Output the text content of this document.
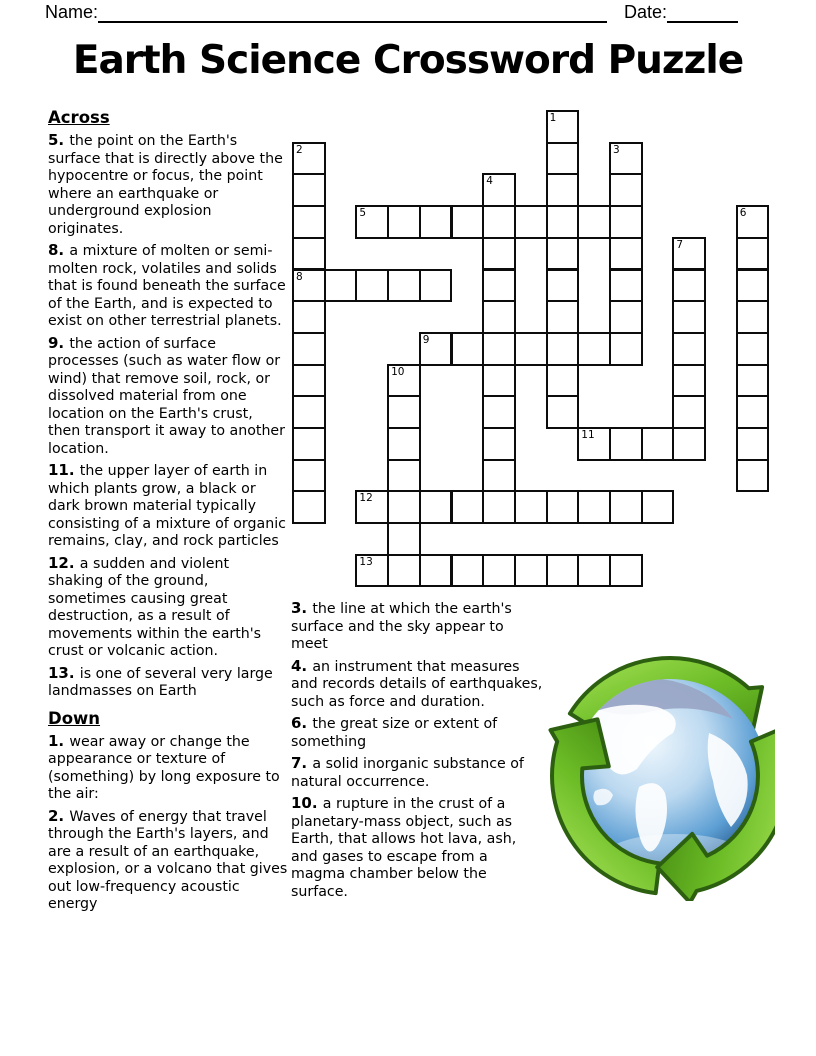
Name:	Date:
Earth Science Crossword Puzzle

Across

5. the point on the Earth's surface that is directly above the hypocentre or focus, the point where an earthquake or underground explosion originates.

8. a mixture of molten or semi-molten rock, volatiles and solids that is found beneath the surface of the Earth, and is expected to exist on other terrestrial planets.

9. the action of surface processes (such as water flow or wind) that remove soil, rock, or dissolved material from one location on the Earth's crust, then transport it away to another location.

11. the upper layer of earth in which plants grow, a black or dark brown material typically consisting of a mixture of organic remains, clay, and rock particles

12. a sudden and violent shaking of the ground, sometimes causing great destruction, as a result of movements within the earth's crust or volcanic action.

13. is one of several very large landmasses on Earth

Down

1. wear away or change the appearance or texture of (something) by long exposure to the air:

2. Waves of energy that travel through the Earth's layers, and are a result of an earthquake, explosion, or a volcano that gives out low-frequency acoustic energy

3. the line at which the earth's surface and the sky appear to meet

4. an instrument that measures and records details of earthquakes, such as force and duration.

6. the great size or extent of something

7. a solid inorganic substance of natural occurrence.

10. a rupture in the crust of a planetary-mass object, such as Earth, that allows hot lava, ash, and gases to escape from a magma chamber below the surface.

1
2	3
4
5	6
7
8
9
10
11
12
13
